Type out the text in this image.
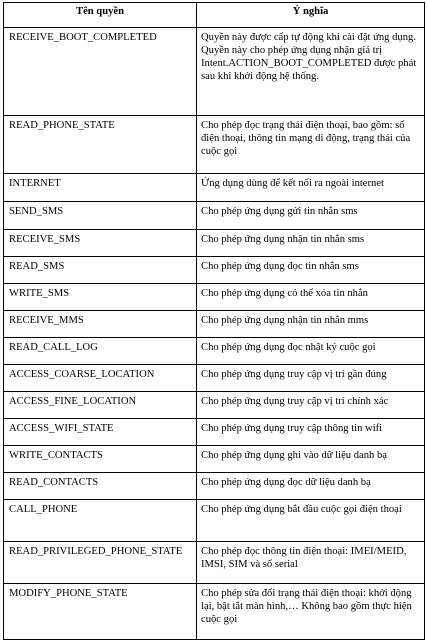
Tên quyền	Ý nghĩa
RECEIVE_BOOT_COMPLETED	Quyền này được cấp tự động khi cài đặt ứng dụng. Quyền này cho phép ứng dụng nhận giá trị Intent.ACTION_BOOT_COMPLETED được phát sau khi khởi động hệ thống.
READ_PHONE_STATE	Cho phép đọc trạng thái điện thoại, bao gồm: số điện thoại, thông tin mạng di động, trạng thái của cuộc gọi
INTERNET	Ứng dụng dùng để kết nối ra ngoài internet
SEND_SMS	Cho phép ứng dụng gửi tin nhắn sms
RECEIVE_SMS	Cho phép ứng dụng nhận tin nhắn sms
READ_SMS	Cho phép ứng dụng đọc tin nhắn sms
WRITE_SMS	Cho phép ứng dụng có thể xóa tin nhắn
RECEIVE_MMS	Cho phép ứng dụng nhận tin nhắn mms
READ_CALL_LOG	Cho phép ứng dụng đọc nhật ký cuộc gọi
ACCESS_COARSE_LOCATION	Cho phép ứng dụng truy cập vị trí gần đúng
ACCESS_FINE_LOCATION	Cho phép ứng dụng truy cập vị trí chính xác
ACCESS_WIFI_STATE	Cho phép ứng dụng truy cập thông tin wifi
WRITE_CONTACTS	Cho phép ứng dụng ghi vào dữ liệu danh bạ
READ_CONTACTS	Cho phép ứng dụng đọc dữ liệu danh bạ
CALL_PHONE	Cho phép ứng dụng bắt đầu cuộc gọi điện thoại
READ_PRIVILEGED_PHONE_STATE	Cho phép đọc thông tin điện thoại: IMEI/MEID, IMSI, SIM và số serial
MODIFY_PHONE_STATE	Cho phép sửa đổi trạng thái điện thoại: khởi động lại, bật tắt màn hình,… Không bao gồm thực hiện cuộc gọi
